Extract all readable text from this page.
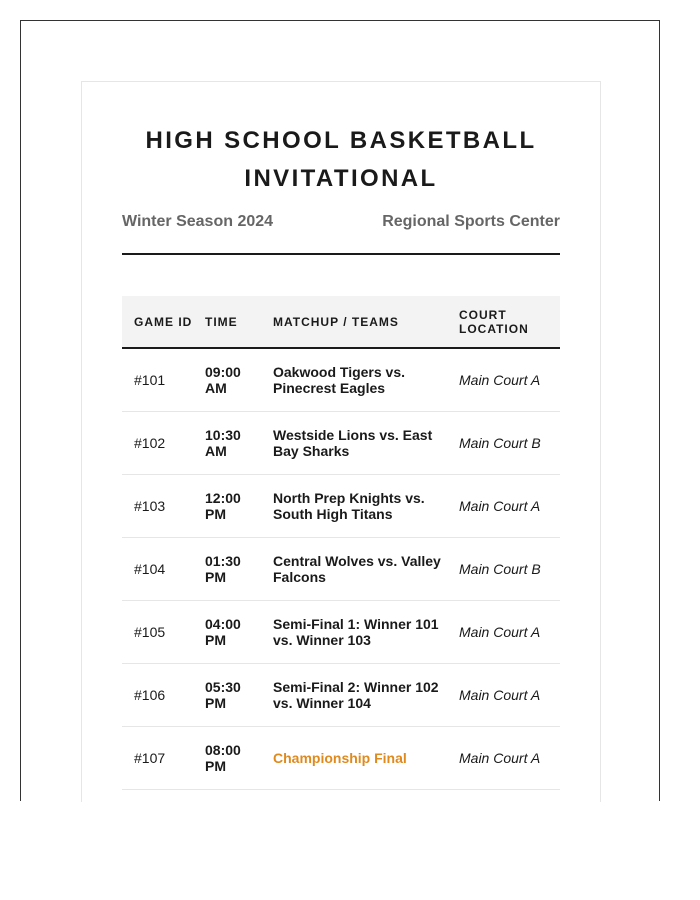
HIGH SCHOOL BASKETBALL INVITATIONAL
Winter Season 2024	Regional Sports Center
GAME ID	TIME	MATCHUP / TEAMS	COURT LOCATION
#101	09:00 AM	Oakwood Tigers vs. Pinecrest Eagles	Main Court A
#102	10:30 AM	Westside Lions vs. East Bay Sharks	Main Court B
#103	12:00 PM	North Prep Knights vs. South High Titans	Main Court A
#104	01:30 PM	Central Wolves vs. Valley Falcons	Main Court B
#105	04:00 PM	Semi-Final 1: Winner 101 vs. Winner 103	Main Court A
#106	05:30 PM	Semi-Final 2: Winner 102 vs. Winner 104	Main Court A
#107	08:00 PM	Championship Final	Main Court A
